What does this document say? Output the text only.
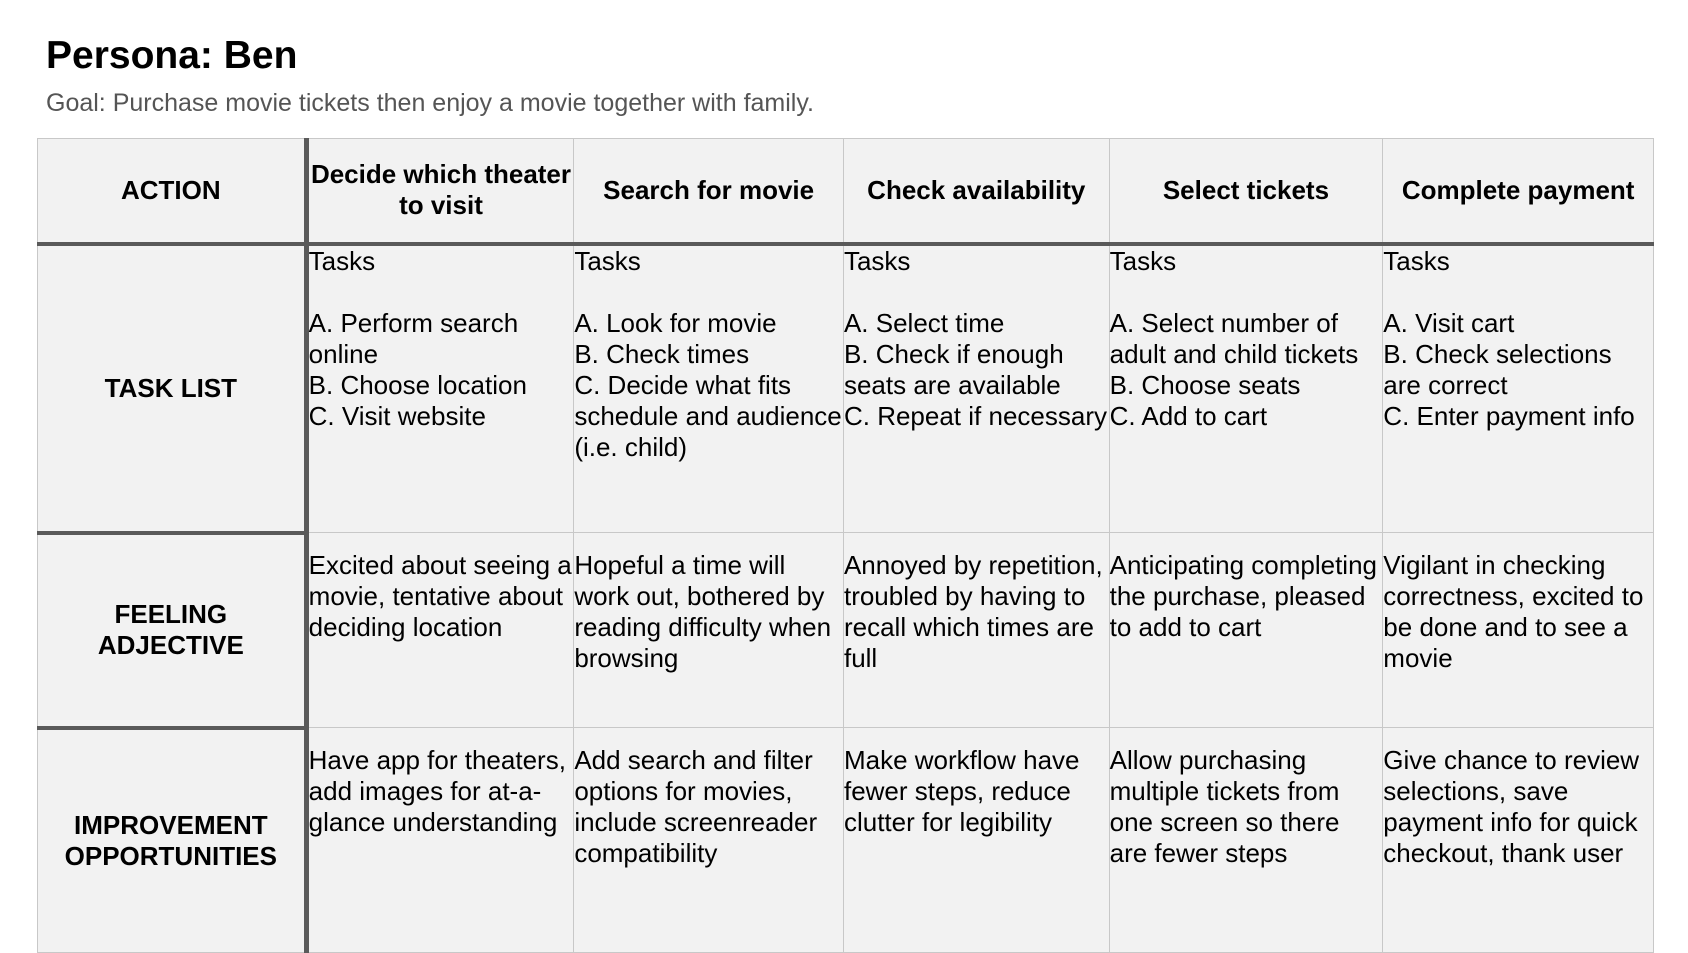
Persona: Ben

Goal: Purchase movie tickets then enjoy a movie together with family.

ACTION	Decide which theater to visit	Search for movie	Check availability	Select tickets	Complete payment
TASK LIST	Tasks
A. Perform search online
B. Choose location
C. Visit website	Tasks
A. Look for movie
B. Check times
C. Decide what fits schedule and audience (i.e. child)	Tasks
A. Select time
B. Check if enough seats are available
C. Repeat if necessary	Tasks
A. Select number of adult and child tickets
B. Choose seats
C. Add to cart	Tasks
A. Visit cart
B. Check selections are correct
C. Enter payment info

FEELING
ADJECTIVE	Excited about seeing a movie, tentative about deciding location	Hopeful a time will work out, bothered by reading difficulty when browsing	Annoyed by repetition, troubled by having to recall which times are full	Anticipating completing the purchase, pleased to add to cart	Vigilant in checking correctness, excited to be done and to see a movie

IMPROVEMENT
OPPORTUNITIES	Have app for theaters, add images for at-a-glance understanding	Add search and filter options for movies, include screenreader compatibility	Make workflow have fewer steps, reduce clutter for legibility	Allow purchasing multiple tickets from one screen so there are fewer steps	Give chance to review selections, save payment info for quick checkout, thank user
